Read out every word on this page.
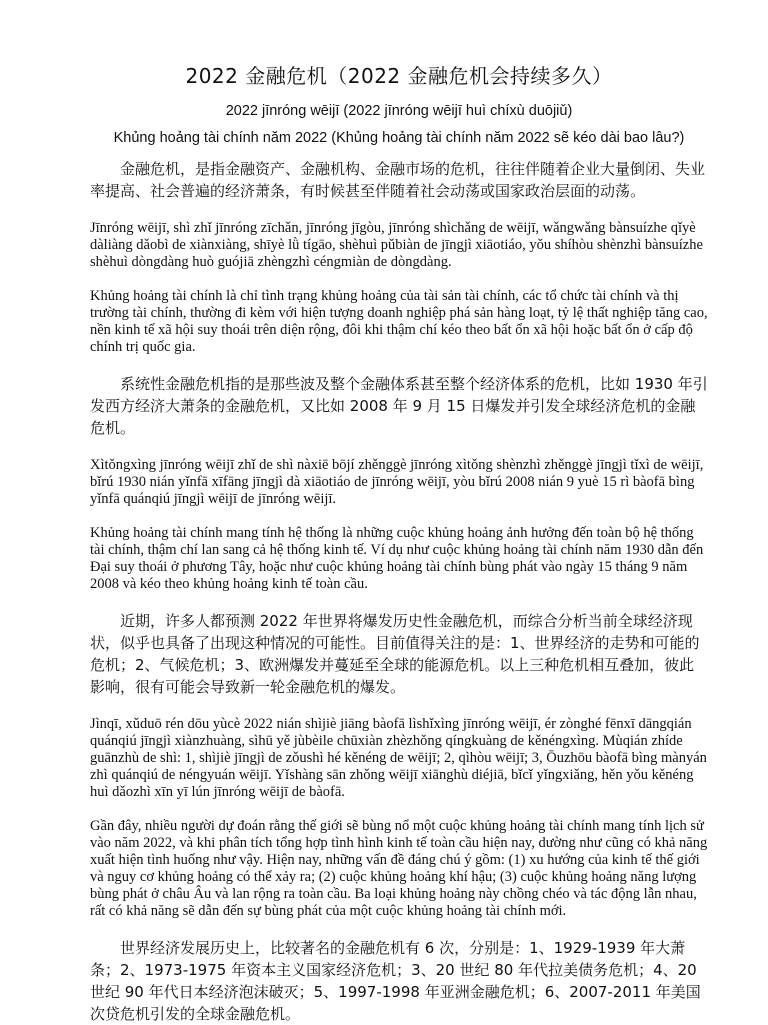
2022 金融危机（2022 金融危机会持续多久）

2022 jīnróng wēijī (2022 jīnróng wēijī huì chíxù duōjiǔ)

Khủng hoảng tài chính năm 2022 (Khủng hoảng tài chính năm 2022 sẽ kéo dài bao lâu?)

金融危机，是指金融资产、金融机构、金融市场的危机，往往伴随着企业大量倒闭、失业率提高、社会普遍的经济萧条，有时候甚至伴随着社会动荡或国家政治层面的动荡。

Jīnróng wēijī, shì zhǐ jīnróng zīchǎn, jīnróng jīgòu, jīnróng shìchǎng de wēijī, wǎngwǎng bànsuízhe qǐyè dàliàng dǎobì de xiànxiàng, shīyè lǜ tígāo, shèhuì pǔbiàn de jīngjì xiāotiáo, yǒu shíhòu shènzhì bànsuízhe shèhuì dòngdàng huò guójiā zhèngzhì céngmiàn de dòngdàng.

Khủng hoảng tài chính là chỉ tình trạng khủng hoảng của tài sản tài chính, các tổ chức tài chính và thị trường tài chính, thường đi kèm với hiện tượng doanh nghiệp phá sản hàng loạt, tỷ lệ thất nghiệp tăng cao, nền kinh tế xã hội suy thoái trên diện rộng, đôi khi thậm chí kéo theo bất ổn xã hội hoặc bất ổn ở cấp độ chính trị quốc gia.

系统性金融危机指的是那些波及整个金融体系甚至整个经济体系的危机，比如 1930 年引发西方经济大萧条的金融危机，又比如 2008 年 9 月 15 日爆发并引发全球经济危机的金融危机。

Xìtǒngxìng jīnróng wēijī zhǐ de shì nàxiē bōjí zhěnggè jīnróng xìtǒng shènzhì zhěnggè jīngjì tǐxì de wēijī, bǐrú 1930 nián yǐnfā xīfāng jīngjì dà xiāotiáo de jīnróng wēijī, yòu bǐrú 2008 nián 9 yuè 15 rì bàofā bìng yǐnfā quánqiú jīngjì wēijī de jīnróng wēijī.

Khủng hoảng tài chính mang tính hệ thống là những cuộc khủng hoảng ảnh hưởng đến toàn bộ hệ thống tài chính, thậm chí lan sang cả hệ thống kinh tế. Ví dụ như cuộc khủng hoảng tài chính năm 1930 dẫn đến Đại suy thoái ở phương Tây, hoặc như cuộc khủng hoảng tài chính bùng phát vào ngày 15 tháng 9 năm 2008 và kéo theo khủng hoảng kinh tế toàn cầu.

近期，许多人都预测 2022 年世界将爆发历史性金融危机，而综合分析当前全球经济现状，似乎也具备了出现这种情况的可能性。目前值得关注的是：1、世界经济的走势和可能的危机；2、气候危机；3、欧洲爆发并蔓延至全球的能源危机。以上三种危机相互叠加，彼此影响，很有可能会导致新一轮金融危机的爆发。

Jìnqī, xǔduō rén dōu yùcè 2022 nián shìjiè jiāng bàofā lìshǐxìng jīnróng wēijī, ér zònghé fēnxī dāngqián quánqiú jīngjì xiànzhuàng, sìhū yě jùbèile chūxiàn zhèzhǒng qíngkuàng de kěnéngxìng. Mùqián zhíde guānzhù de shì: 1, shìjiè jīngjì de zǒushì hé kěnéng de wēijī; 2, qìhòu wēijī; 3, Ōuzhōu bàofā bìng mànyán zhì quánqiú de néngyuán wēijī. Yǐshàng sān zhǒng wēijī xiānghù diéjiā, bǐcǐ yǐngxiǎng, hěn yǒu kěnéng huì dǎozhì xīn yī lún jīnróng wēijī de bàofā.

Gần đây, nhiều người dự đoán rằng thế giới sẽ bùng nổ một cuộc khủng hoảng tài chính mang tính lịch sử vào năm 2022, và khi phân tích tổng hợp tình hình kinh tế toàn cầu hiện nay, dường như cũng có khả năng xuất hiện tình huống như vậy. Hiện nay, những vấn đề đáng chú ý gồm: (1) xu hướng của kinh tế thế giới và nguy cơ khủng hoảng có thể xảy ra; (2) cuộc khủng hoảng khí hậu; (3) cuộc khủng hoảng năng lượng bùng phát ở châu Âu và lan rộng ra toàn cầu. Ba loại khủng hoảng này chồng chéo và tác động lẫn nhau, rất có khả năng sẽ dẫn đến sự bùng phát của một cuộc khủng hoảng tài chính mới.

世界经济发展历史上，比较著名的金融危机有 6 次，分别是：1、1929-1939 年大萧条；2、1973-1975 年资本主义国家经济危机；3、20 世纪 80 年代拉美债务危机；4、20 世纪 90 年代日本经济泡沫破灭；5、1997-1998 年亚洲金融危机；6、2007-2011 年美国次贷危机引发的全球金融危机。
